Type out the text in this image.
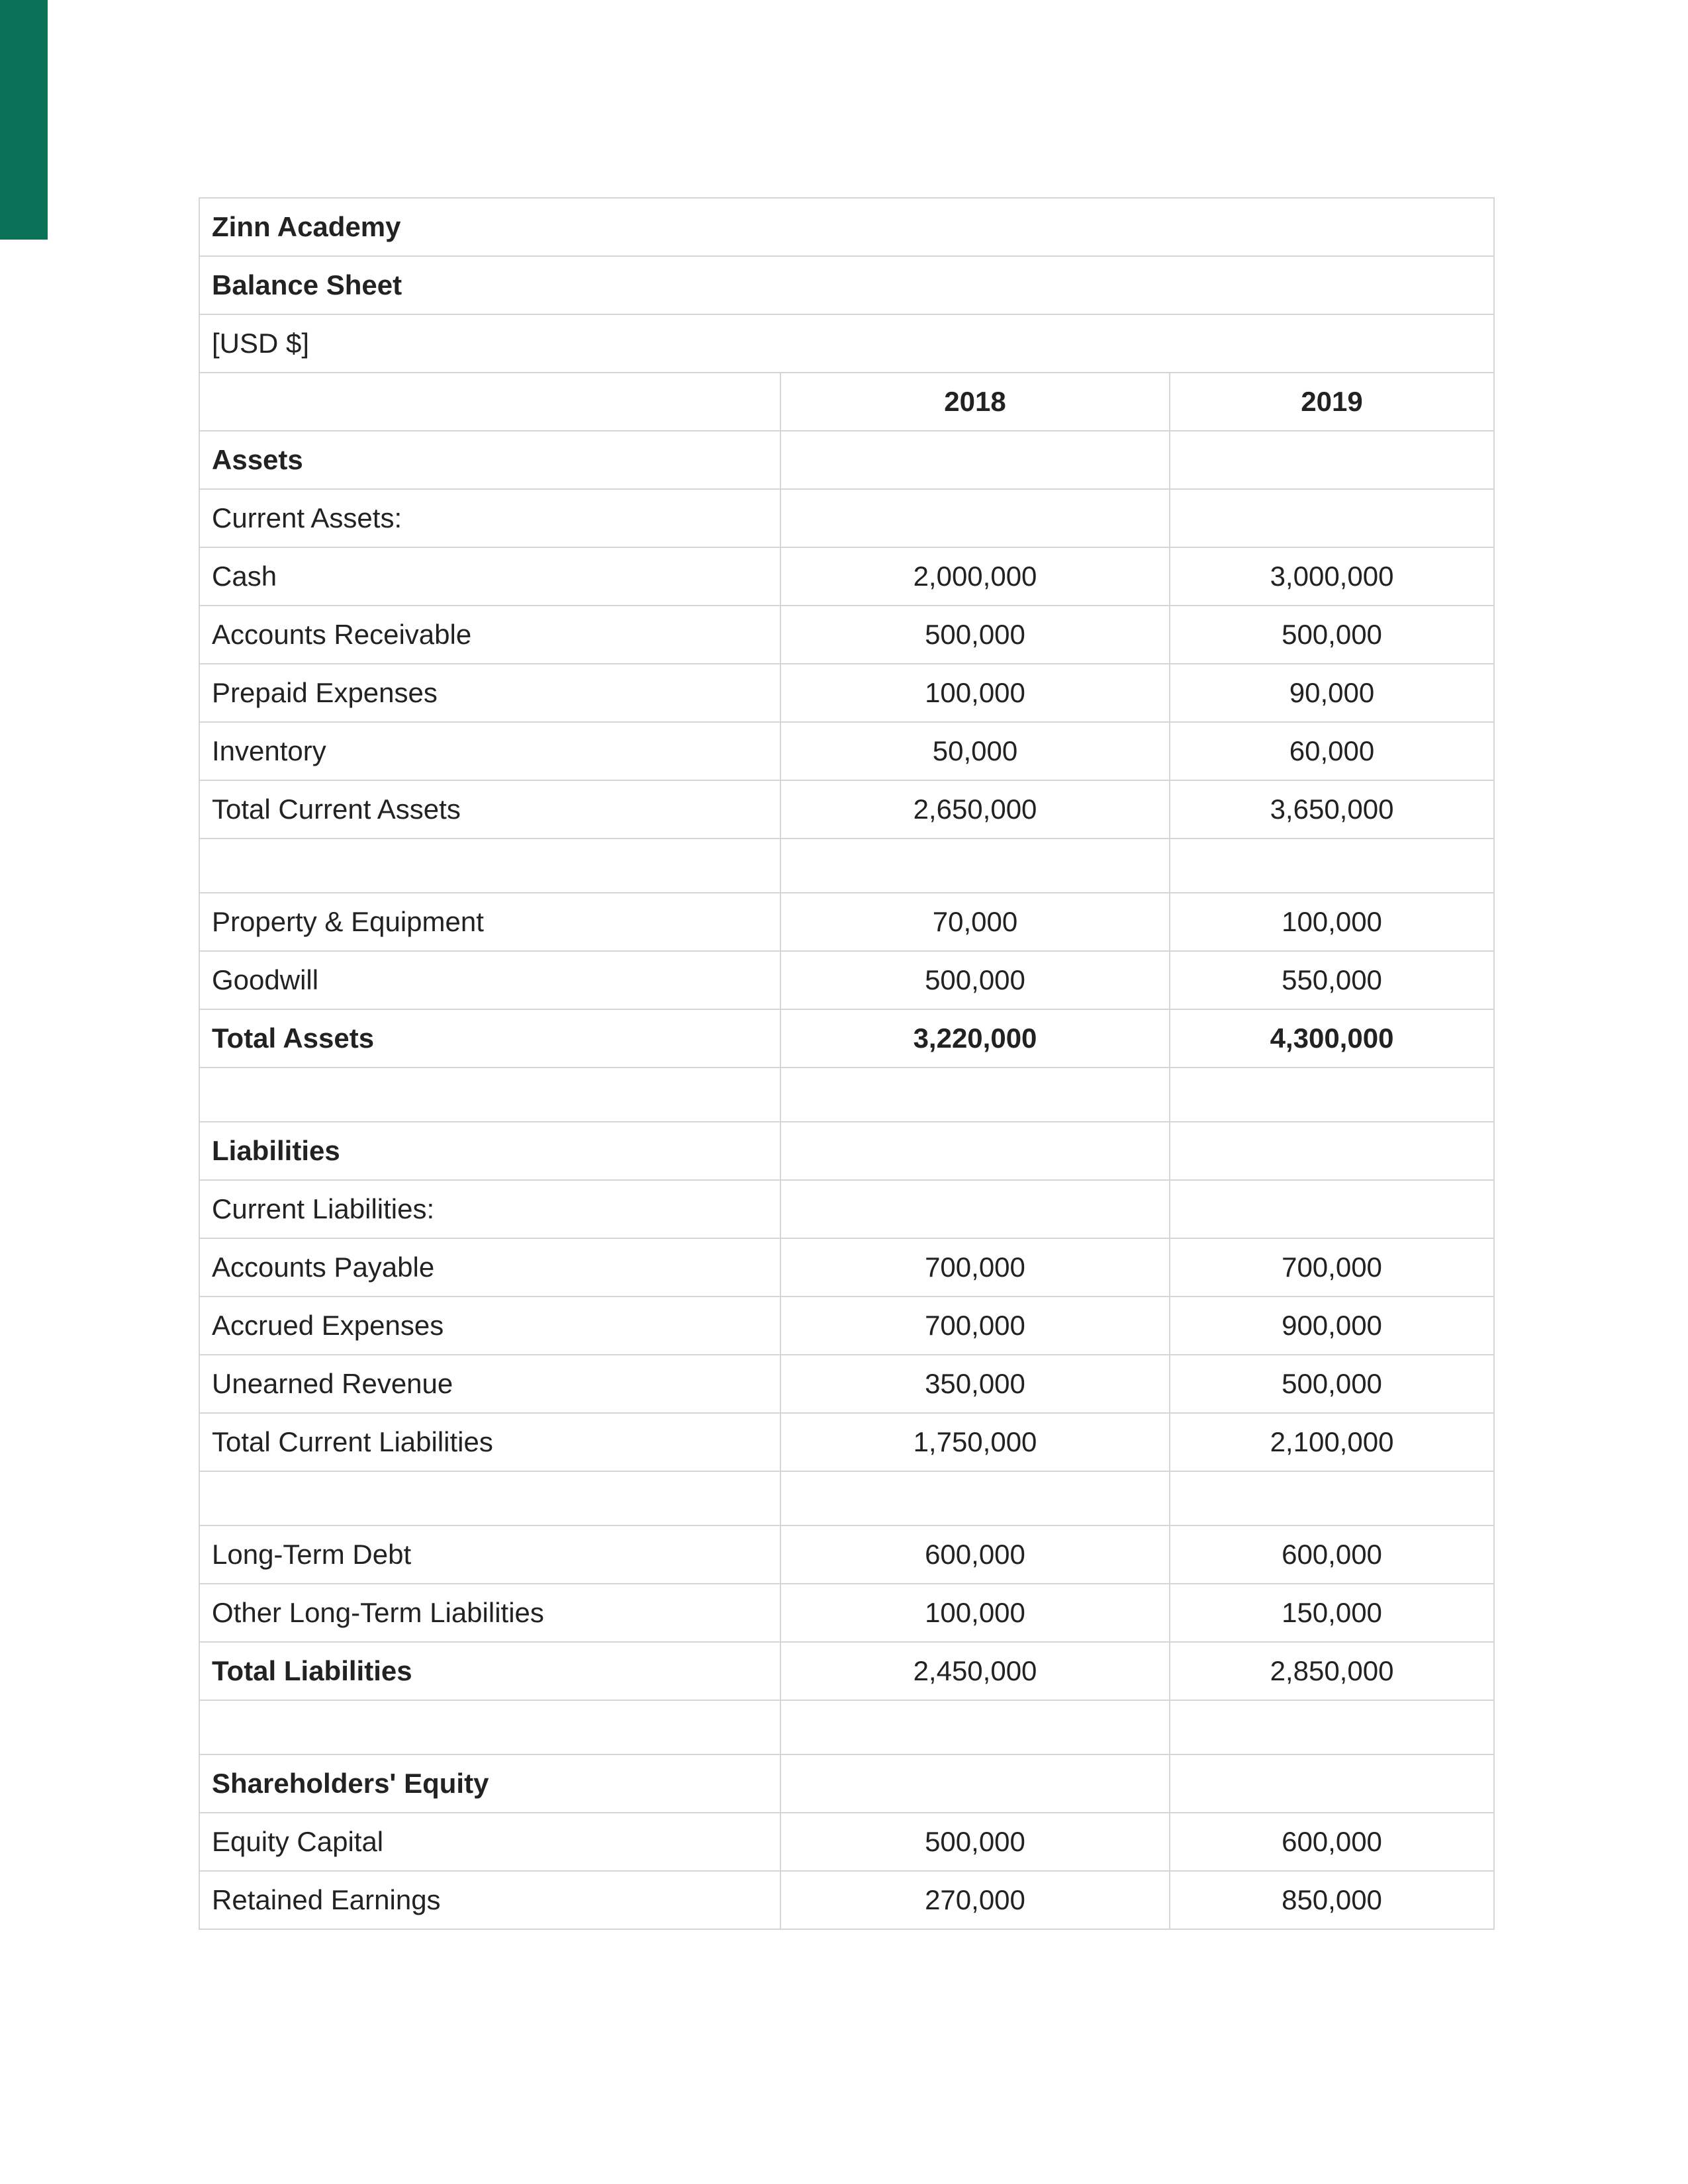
Zinn Academy		
Balance Sheet		
[USD $]		
	2018	2019
Assets		
Current Assets:		
Cash	2,000,000	3,000,000
Accounts Receivable	500,000	500,000
Prepaid Expenses	100,000	90,000
Inventory	50,000	60,000
Total Current Assets	2,650,000	3,650,000

Property & Equipment	70,000	100,000
Goodwill	500,000	550,000
Total Assets	3,220,000	4,300,000

Liabilities		
Current Liabilities:		
Accounts Payable	700,000	700,000
Accrued Expenses	700,000	900,000
Unearned Revenue	350,000	500,000
Total Current Liabilities	1,750,000	2,100,000

Long-Term Debt	600,000	600,000
Other Long-Term Liabilities	100,000	150,000
Total Liabilities	2,450,000	2,850,000

Shareholders' Equity		
Equity Capital	500,000	600,000
Retained Earnings	270,000	850,000
